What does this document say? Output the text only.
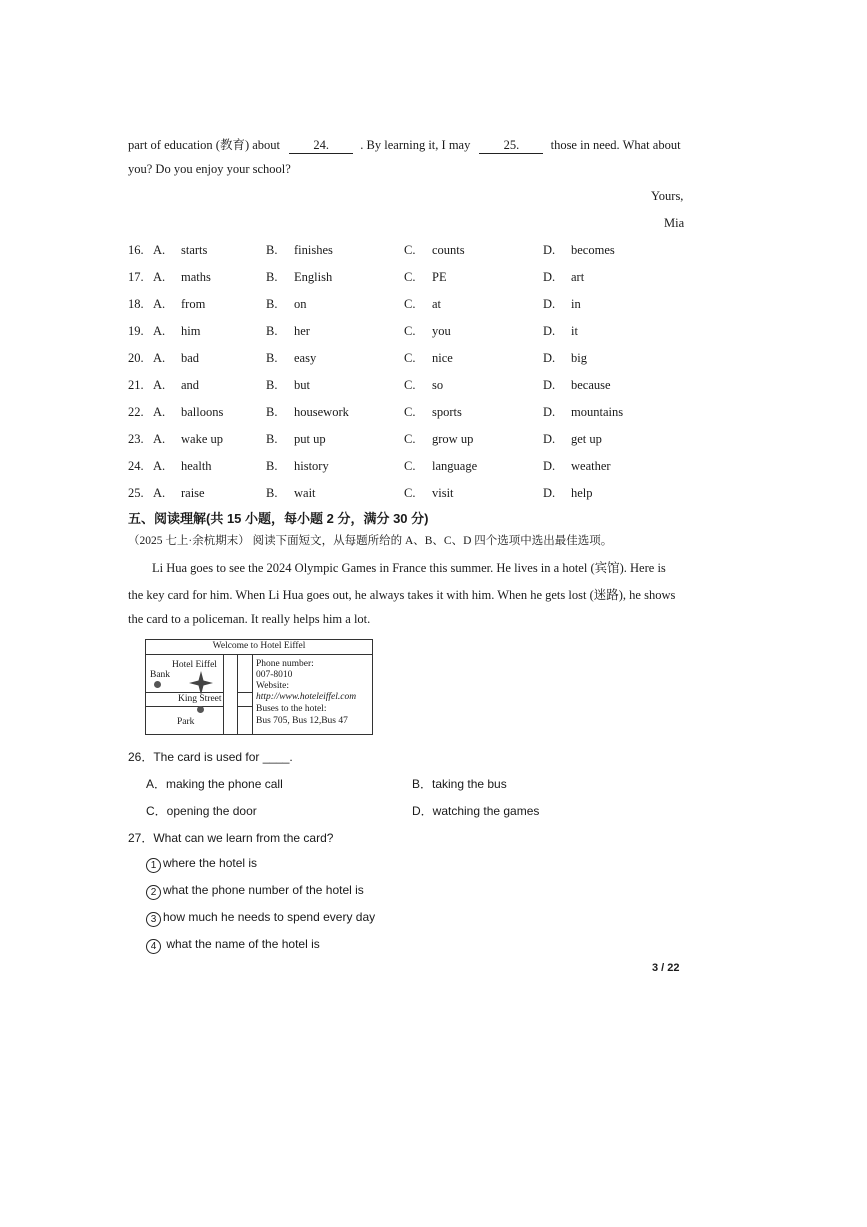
part of education (教育) about	24.	. By learning it, I may	25.	those in need. What about
you? Do you enjoy your school?
Yours,
Mia
16. A. starts	B. finishes	C. counts	D. becomes
17. A. maths	B. English	C. PE	D. art
18. A. from	B. on	C. at	D. in
19. A. him	B. her	C. you	D. it
20. A. bad	B. easy	C. nice	D. big
21. A. and	B. but	C. so	D. because
22. A. balloons	B. housework	C. sports	D. mountains
23. A. wake up	B. put up	C. grow up	D. get up
24. A. health	B. history	C. language	D. weather
25. A. raise	B. wait	C. visit	D. help
五、阅读理解(共 15 小题，每小题 2 分，满分 30 分)
（2025 七上·余杭期末） 阅读下面短文，从每题所给的 A、B、C、D 四个选项中选出最佳选项。
Li Hua goes to see the 2024 Olympic Games in France this summer. He lives in a hotel (宾馆). Here is
the key card for him. When Li Hua goes out, he always takes it with him. When he gets lost (迷路), he shows
the card to a policeman. It really helps him a lot.
Welcome to Hotel Eiffel
Hotel Eiffel
Bank
King Street
Park
Phone number:
007-8010
Website:
http://www.hoteleiffel.com
Buses to the hotel:
Bus 705, Bus 12,Bus 47
26．The card is used for ____.
A．making the phone call	B．taking the bus
C．opening the door	D．watching the games
27．What can we learn from the card?
1 where the hotel is
2 what the phone number of the hotel is
3 how much he needs to spend every day
4 what the name of the hotel is
3 / 22
